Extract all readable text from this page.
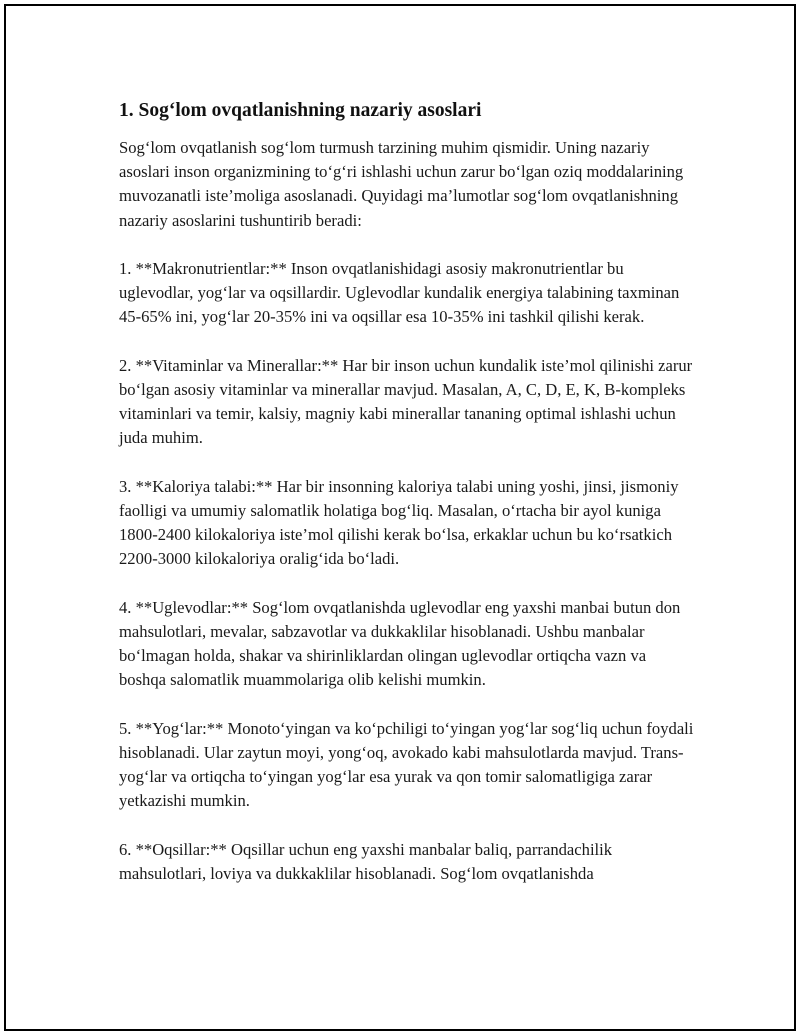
1. Sog‘lom ovqatlanishning nazariy asoslari

Sog‘lom ovqatlanish sog‘lom turmush tarzining muhim qismidir. Uning nazariy asoslari inson organizmining to‘g‘ri ishlashi uchun zarur bo‘lgan oziq moddalarining muvozanatli iste’moliga asoslanadi. Quyidagi ma’lumotlar sog‘lom ovqatlanishning nazariy asoslarini tushuntirib beradi:

1. **Makronutrientlar:** Inson ovqatlanishidagi asosiy makronutrientlar bu uglevodlar, yog‘lar va oqsillardir. Uglevodlar kundalik energiya talabining taxminan 45-65% ini, yog‘lar 20-35% ini va oqsillar esa 10-35% ini tashkil qilishi kerak.

2. **Vitaminlar va Minerallar:** Har bir inson uchun kundalik iste’mol qilinishi zarur bo‘lgan asosiy vitaminlar va minerallar mavjud. Masalan, A, C, D, E, K, B-kompleks vitaminlari va temir, kalsiy, magniy kabi minerallar tananing optimal ishlashi uchun juda muhim.

3. **Kaloriya talabi:** Har bir insonning kaloriya talabi uning yoshi, jinsi, jismoniy faolligi va umumiy salomatlik holatiga bog‘liq. Masalan, o‘rtacha bir ayol kuniga 1800-2400 kilokaloriya iste’mol qilishi kerak bo‘lsa, erkaklar uchun bu ko‘rsatkich 2200-3000 kilokaloriya oralig‘ida bo‘ladi.

4. **Uglevodlar:** Sog‘lom ovqatlanishda uglevodlar eng yaxshi manbai butun don mahsulotlari, mevalar, sabzavotlar va dukkaklilar hisoblanadi. Ushbu manbalar bo‘lmagan holda, shakar va shirinliklardan olingan uglevodlar ortiqcha vazn va boshqa salomatlik muammolariga olib kelishi mumkin.

5. **Yog‘lar:** Monoto‘yingan va ko‘pchiligi to‘yingan yog‘lar sog‘liq uchun foydali hisoblanadi. Ular zaytun moyi, yong‘oq, avokado kabi mahsulotlarda mavjud. Trans-yog‘lar va ortiqcha to‘yingan yog‘lar esa yurak va qon tomir salomatligiga zarar yetkazishi mumkin.

6. **Oqsillar:** Oqsillar uchun eng yaxshi manbalar baliq, parrandachilik mahsulotlari, loviya va dukkaklilar hisoblanadi. Sog‘lom ovqatlanishda
